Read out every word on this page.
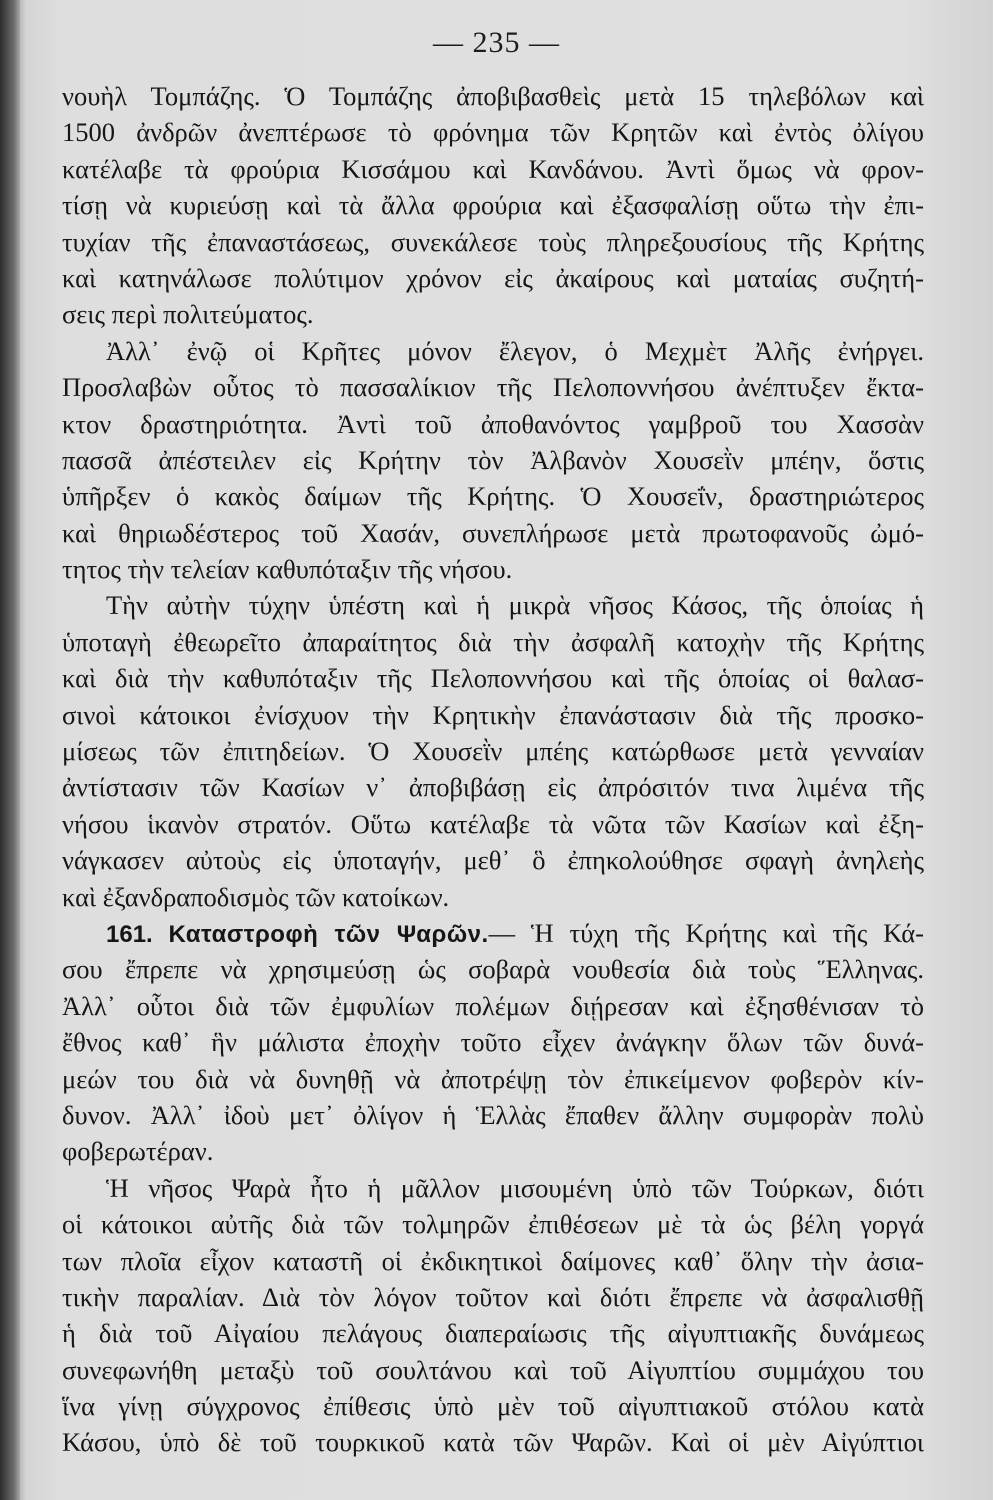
— 235 —
νουὴλ Τομπάζης. Ὁ Τομπάζης ἀποβιβασθεὶς μετὰ 15 τηλεβόλων καὶ
1500 ἀνδρῶν ἀνεπτέρωσε τὸ φρόνημα τῶν Κρητῶν καὶ ἐντὸς ὀλίγου
κατέλαβε τὰ φρούρια Κισσάμου καὶ Κανδάνου. Ἀντὶ ὅμως νὰ φρον-
τίσῃ νὰ κυριεύσῃ καὶ τὰ ἄλλα φρούρια καὶ ἐξασφαλίσῃ οὕτω τὴν ἐπι-
τυχίαν τῆς ἐπαναστάσεως, συνεκάλεσε τοὺς πληρεξουσίους τῆς Κρήτης
καὶ κατηνάλωσε πολύτιμον χρόνον εἰς ἀκαίρους καὶ ματαίας συζητή-
σεις περὶ πολιτεύματος.
Ἀλλ᾿ ἐνῷ οἱ Κρῆτες μόνον ἔλεγον, ὁ Μεχμὲτ Ἀλῆς ἐνήργει.
Προσλαβὼν οὗτος τὸ πασσαλίκιον τῆς Πελοποννήσου ἀνέπτυξεν ἔκτα-
κτον δραστηριότητα. Ἀντὶ τοῦ ἀποθανόντος γαμβροῦ του Χασσὰν
πασσᾶ ἀπέστειλεν εἰς Κρήτην τὸν Ἀλβανὸν Χουσεῒν μπέην, ὅστις
ὑπῆρξεν ὁ κακὸς δαίμων τῆς Κρήτης. Ὁ Χουσεΐν, δραστηριώτερος
καὶ θηριωδέστερος τοῦ Χασάν, συνεπλήρωσε μετὰ πρωτοφανοῦς ὠμό-
τητος τὴν τελείαν καθυπόταξιν τῆς νήσου.
Τὴν αὐτὴν τύχην ὑπέστη καὶ ἡ μικρὰ νῆσος Κάσος, τῆς ὁποίας ἡ
ὑποταγὴ ἐθεωρεῖτο ἀπαραίτητος διὰ τὴν ἀσφαλῆ κατοχὴν τῆς Κρήτης
καὶ διὰ τὴν καθυπόταξιν τῆς Πελοποννήσου καὶ τῆς ὁποίας οἱ θαλασ-
σινοὶ κάτοικοι ἐνίσχυον τὴν Κρητικὴν ἐπανάστασιν διὰ τῆς προσκο-
μίσεως τῶν ἐπιτηδείων. Ὁ Χουσεῒν μπέης κατώρθωσε μετὰ γενναίαν
ἀντίστασιν τῶν Κασίων ν᾿ ἀποβιβάσῃ εἰς ἀπρόσιτόν τινα λιμένα τῆς
νήσου ἱκανὸν στρατόν. Οὕτω κατέλαβε τὰ νῶτα τῶν Κασίων καὶ ἐξη-
νάγκασεν αὐτοὺς εἰς ὑποταγήν, μεθ᾿ ὃ ἐπηκολούθησε σφαγὴ ἀνηλεὴς
καὶ ἐξανδραποδισμὸς τῶν κατοίκων.
161. Καταστροφὴ τῶν Ψαρῶν.— Ἡ τύχη τῆς Κρήτης καὶ τῆς Κά-
σου ἔπρεπε νὰ χρησιμεύσῃ ὡς σοβαρὰ νουθεσία διὰ τοὺς Ἕλληνας.
Ἀλλ᾿ οὗτοι διὰ τῶν ἐμφυλίων πολέμων διῄρεσαν καὶ ἐξησθένισαν τὸ
ἔθνος καθ᾿ ἣν μάλιστα ἐποχὴν τοῦτο εἶχεν ἀνάγκην ὅλων τῶν δυνά-
μεών του διὰ νὰ δυνηθῇ νὰ ἀποτρέψῃ τὸν ἐπικείμενον φοβερὸν κίν-
δυνον. Ἀλλ᾿ ἰδοὺ μετ᾿ ὀλίγον ἡ Ἑλλὰς ἔπαθεν ἄλλην συμφορὰν πολὺ
φοβερωτέραν.
Ἡ νῆσος Ψαρὰ ἦτο ἡ μᾶλλον μισουμένη ὑπὸ τῶν Τούρκων, διότι
οἱ κάτοικοι αὐτῆς διὰ τῶν τολμηρῶν ἐπιθέσεων μὲ τὰ ὡς βέλη γοργά
των πλοῖα εἶχον καταστῆ οἱ ἐκδικητικοὶ δαίμονες καθ᾿ ὅλην τὴν ἀσια-
τικὴν παραλίαν. Διὰ τὸν λόγον τοῦτον καὶ διότι ἔπρεπε νὰ ἀσφαλισθῇ
ἡ διὰ τοῦ Αἰγαίου πελάγους διαπεραίωσις τῆς αἰγυπτιακῆς δυνάμεως
συνεφωνήθη μεταξὺ τοῦ σουλτάνου καὶ τοῦ Αἰγυπτίου συμμάχου του
ἵνα γίνῃ σύγχρονος ἐπίθεσις ὑπὸ μὲν τοῦ αἰγυπτιακοῦ στόλου κατὰ
Κάσου, ὑπὸ δὲ τοῦ τουρκικοῦ κατὰ τῶν Ψαρῶν. Καὶ οἱ μὲν Αἰγύπτιοι
